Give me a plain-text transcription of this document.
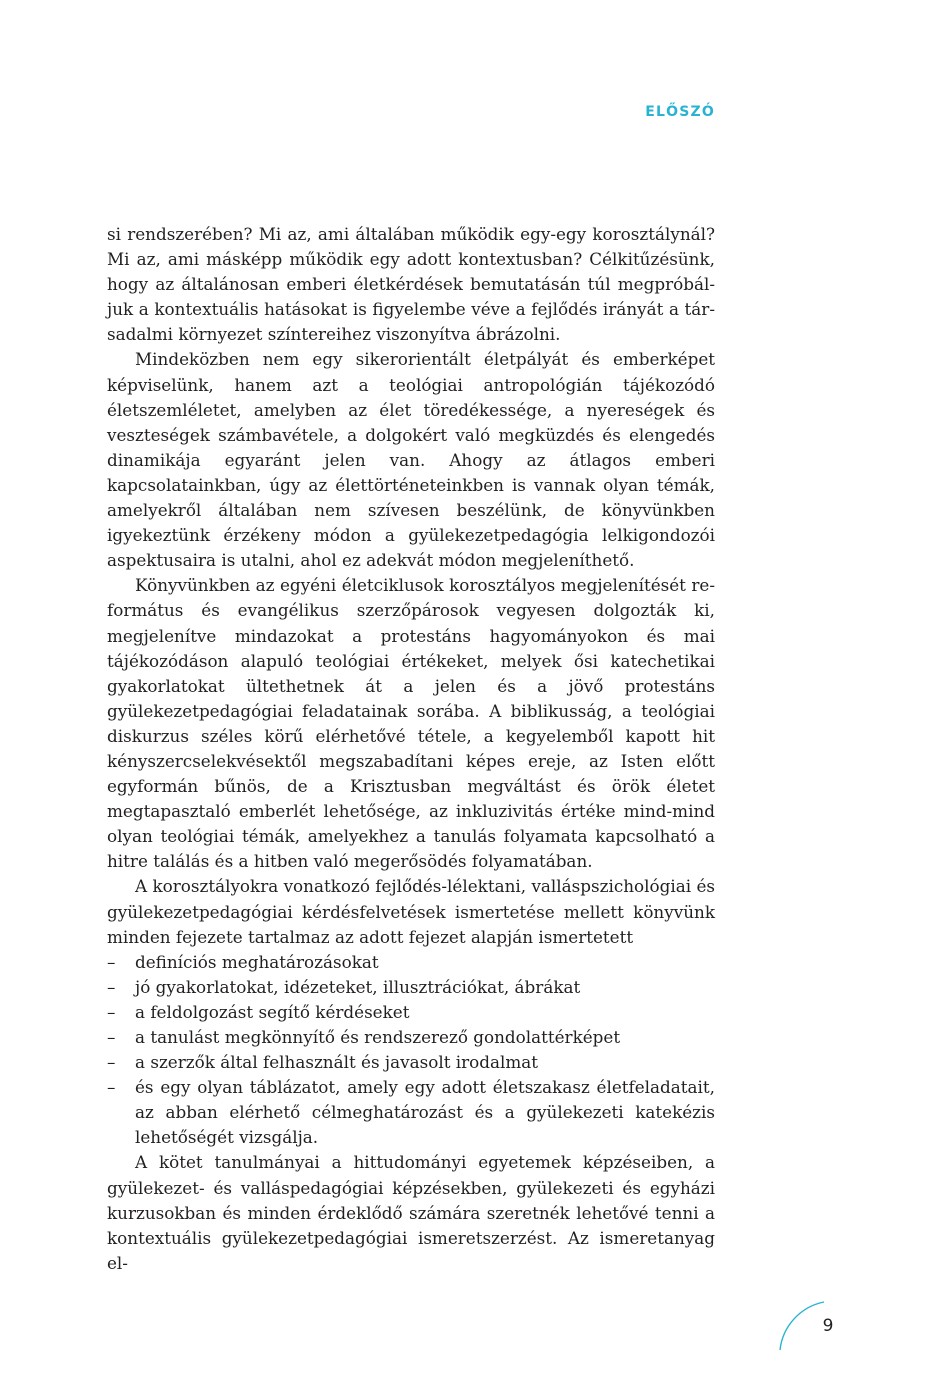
ELŐSZÓ

si rendszerében? Mi az, ami általában működik egy-egy korosztálynál? Mi az, ami másképp működik egy adott kontextusban? Célkitűzésünk, hogy az általánosan emberi életkérdések bemutatásán túl megpróbáljuk a kontextuális hatásokat is figyelembe véve a fejlődés irányát a társadalmi környezet színtereihez viszonyítva ábrázolni.

Mindeközben nem egy sikerorientált életpályát és emberképet képviselünk, hanem azt a teológiai antropológián tájékozódó életszemléletet, amelyben az élet töredékessége, a nyereségek és veszteségek számbavétele, a dolgokért való megküzdés és elengedés dinamikája egyaránt jelen van. Ahogy az átlagos emberi kapcsolatainkban, úgy az élettörténeteinkben is vannak olyan témák, amelyekről általában nem szívesen beszélünk, de könyvünkben igyekeztünk érzékeny módon a gyülekezetpedagógia lelkigondozói aspektusaira is utalni, ahol ez adekvát módon megjeleníthető.

Könyvünkben az egyéni életciklusok korosztályos megjelenítését református és evangélikus szerzőpárosok vegyesen dolgozták ki, megjelenítve mindazokat a protestáns hagyományokon és mai tájékozódáson alapuló teológiai értékeket, melyek ősi katechetikai gyakorlatokat ültethetnek át a jelen és a jövő protestáns gyülekezetpedagógiai feladatainak sorába. A biblikusság, a teológiai diskurzus széles körű elérhetővé tétele, a kegyelemből kapott hit kényszercselekvésektől megszabadítani képes ereje, az Isten előtt egyformán bűnös, de a Krisztusban megváltást és örök életet megtapasztaló emberlét lehetősége, az inkluzivitás értéke mind-mind olyan teológiai témák, amelyekhez a tanulás folyamata kapcsolható a hitre találás és a hitben való megerősödés folyamatában.

A korosztályokra vonatkozó fejlődés-lélektani, valláspszichológiai és gyülekezetpedagógiai kérdésfelvetések ismertetése mellett könyvünk minden fejezete tartalmaz az adott fejezet alapján ismertetett

– definíciós meghatározásokat
– jó gyakorlatokat, idézeteket, illusztrációkat, ábrákat
– a feldolgozást segítő kérdéseket
– a tanulást megkönnyítő és rendszerező gondolattérképet
– a szerzők által felhasznált és javasolt irodalmat
– és egy olyan táblázatot, amely egy adott életszakasz életfeladatait, az abban elérhető célmeghatározást és a gyülekezeti katekézis lehetőségét vizsgálja.

A kötet tanulmányai a hittudományi egyetemek képzéseiben, a gyülekezet- és valláspedagógiai képzésekben, gyülekezeti és egyházi kurzusokban és minden érdeklődő számára szeretnék lehetővé tenni a kontextuális gyülekezetpedagógiai ismeretszerzést. Az ismeretanyag el-

9
